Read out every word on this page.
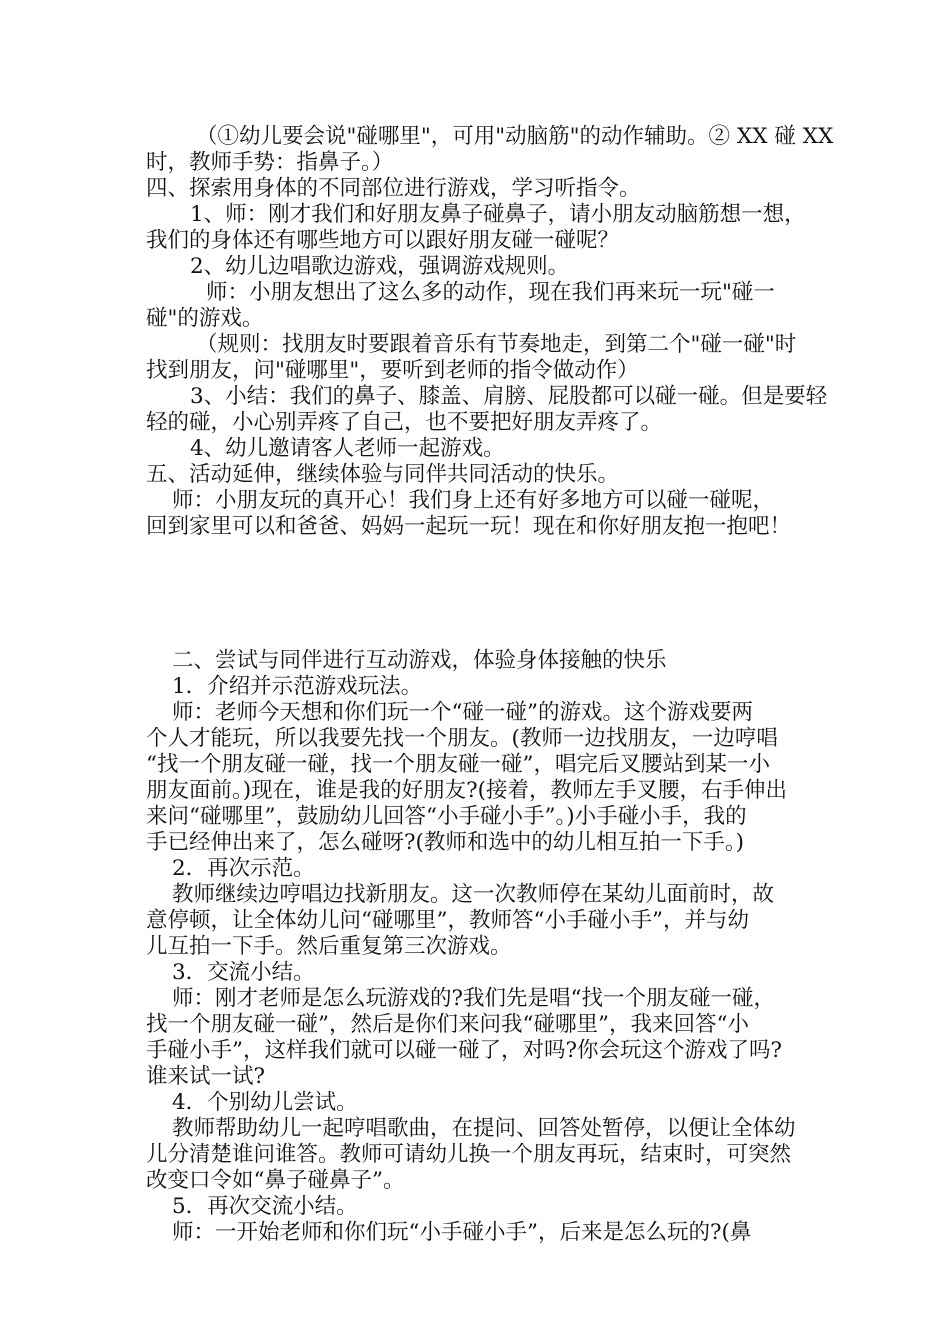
（①幼儿要会说"碰哪里"，可用"动脑筋"的动作辅助。② XX 碰 XX
时，教师手势：指鼻子。）
四、探索用身体的不同部位进行游戏，学习听指令。
1、师：刚才我们和好朋友鼻子碰鼻子，请小朋友动脑筋想一想，
我们的身体还有哪些地方可以跟好朋友碰一碰呢？
2、幼儿边唱歌边游戏，强调游戏规则。
师：小朋友想出了这么多的动作，现在我们再来玩一玩"碰一
碰"的游戏。
（规则：找朋友时要跟着音乐有节奏地走，到第二个"碰一碰"时
找到朋友，问"碰哪里"，要听到老师的指令做动作）
3、小结：我们的鼻子、膝盖、肩膀、屁股都可以碰一碰。但是要轻
轻的碰，小心别弄疼了自己，也不要把好朋友弄疼了。
4、幼儿邀请客人老师一起游戏。
五、活动延伸，继续体验与同伴共同活动的快乐。
师：小朋友玩的真开心！我们身上还有好多地方可以碰一碰呢，
回到家里可以和爸爸、妈妈一起玩一玩！现在和你好朋友抱一抱吧！
二、尝试与同伴进行互动游戏，体验身体接触的快乐
1．介绍并示范游戏玩法。
师：老师今天想和你们玩一个“碰一碰”的游戏。这个游戏要两
个人才能玩，所以我要先找一个朋友。(教师一边找朋友，一边哼唱
“找一个朋友碰一碰，找一个朋友碰一碰”，唱完后叉腰站到某一小
朋友面前。)现在，谁是我的好朋友?(接着，教师左手叉腰，右手伸出
来问“碰哪里”，鼓励幼儿回答“小手碰小手”。)小手碰小手，我的
手已经伸出来了，怎么碰呀?(教师和选中的幼儿相互拍一下手。)
2．再次示范。
教师继续边哼唱边找新朋友。这一次教师停在某幼儿面前时，故
意停顿，让全体幼儿问“碰哪里”，教师答“小手碰小手”，并与幼
儿互拍一下手。然后重复第三次游戏。
3．交流小结。
师：刚才老师是怎么玩游戏的?我们先是唱“找一个朋友碰一碰，
找一个朋友碰一碰”，然后是你们来问我“碰哪里”，我来回答“小
手碰小手”，这样我们就可以碰一碰了，对吗?你会玩这个游戏了吗?
谁来试一试?
4．个别幼儿尝试。
教师帮助幼儿一起哼唱歌曲，在提问、回答处暂停，以便让全体幼
儿分清楚谁问谁答。教师可请幼儿换一个朋友再玩，结束时，可突然
改变口令如“鼻子碰鼻子”。
5．再次交流小结。
师：一开始老师和你们玩“小手碰小手”，后来是怎么玩的?(鼻
